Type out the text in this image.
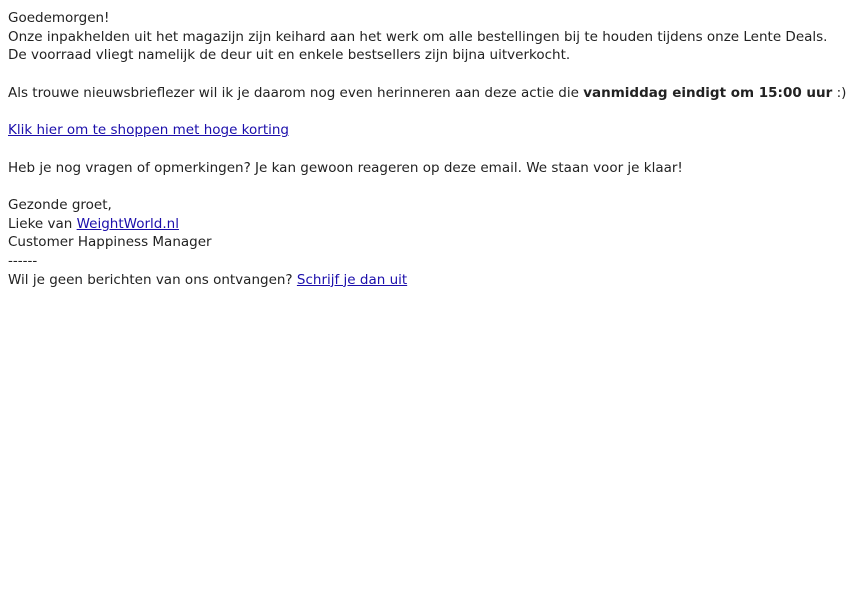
Goedemorgen!
Onze inpakhelden uit het magazijn zijn keihard aan het werk om alle bestellingen bij te houden tijdens onze Lente Deals.
De voorraad vliegt namelijk de deur uit en enkele bestsellers zijn bijna uitverkocht.
Als trouwe nieuwsbrieflezer wil ik je daarom nog even herinneren aan deze actie die vanmiddag eindigt om 15:00 uur :)
Klik hier om te shoppen met hoge korting
Heb je nog vragen of opmerkingen? Je kan gewoon reageren op deze email. We staan voor je klaar!
Gezonde groet,
Lieke van WeightWorld.nl
Customer Happiness Manager
------
Wil je geen berichten van ons ontvangen? Schrijf je dan uit
